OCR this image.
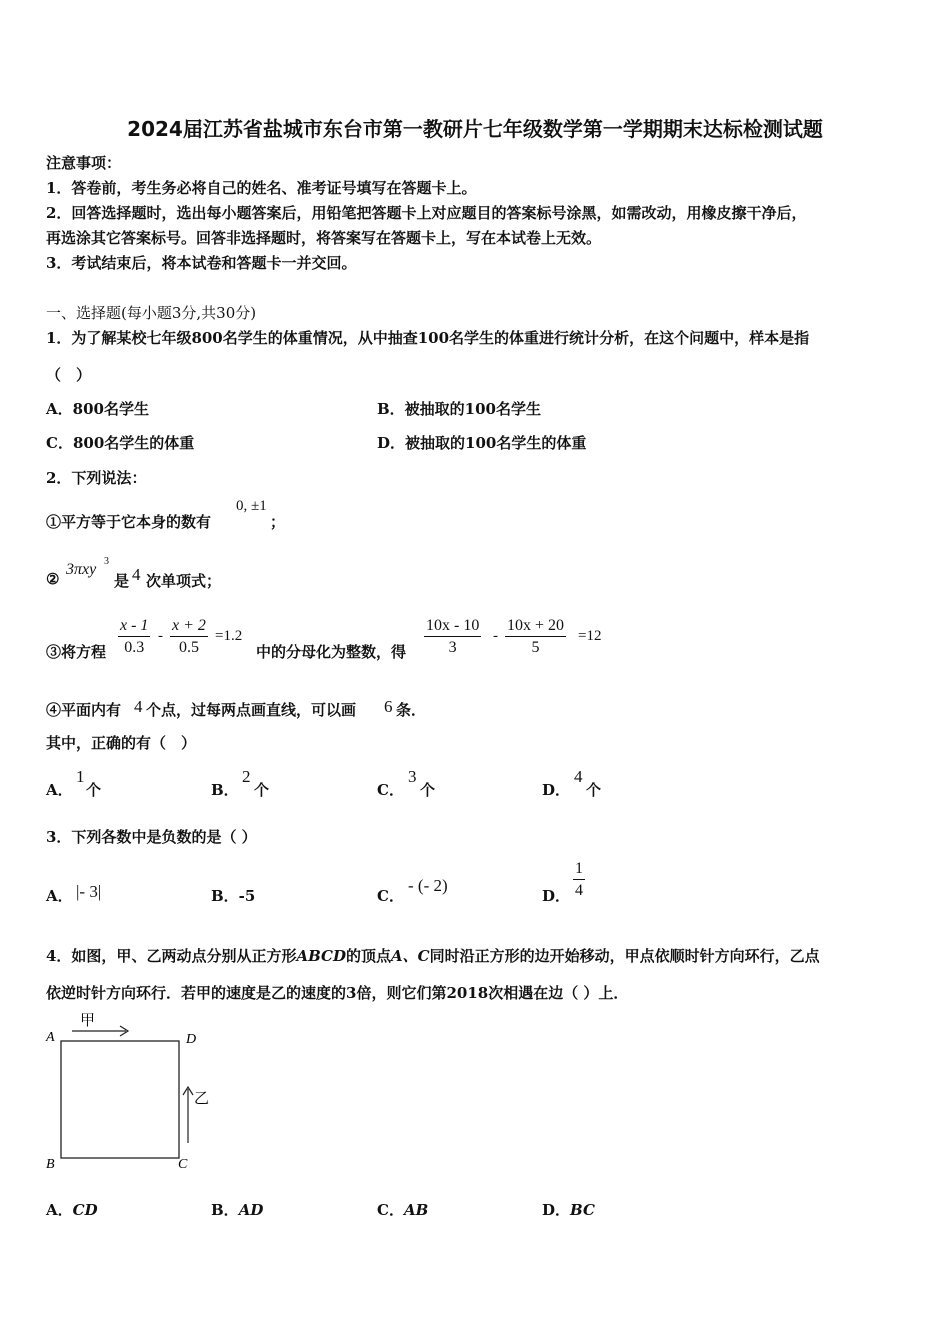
2024届江苏省盐城市东台市第一教研片七年级数学第一学期期末达标检测试题
注意事项：
1．答卷前，考生务必将自己的姓名、准考证号填写在答题卡上。
2．回答选择题时，选出每小题答案后，用铅笔把答题卡上对应题目的答案标号涂黑，如需改动，用橡皮擦干净后，
再选涂其它答案标号。回答非选择题时，将答案写在答题卡上，写在本试卷上无效。
3．考试结束后，将本试卷和答题卡一并交回。
一、选择题(每小题3分,共30分)
1．为了解某校七年级800名学生的体重情况，从中抽查100名学生的体重进行统计分析，在这个问题中，样本是指
（　）
A．800名学生	B．被抽取的100名学生
C．800名学生的体重	D．被抽取的100名学生的体重
2．下列说法：
①平方等于它本身的数有
0, ±1
；
②
3πxy 3
是 4 次单项式；
③将方程 $\frac{x - 1}{0.3} - \frac{x + 2}{0.5} =1.2$
中的分母化为整数，得 $\frac{10x - 10}{3} - \frac{10x + 20}{5} =12$
④平面内有 4 个点，过每两点画直线，可以画 6 条．
其中，正确的有（　）
A．
1
个	B．
2
个	C．
3
个	D．
4
个
3．下列各数中是负数的是（ ）
A． |- 3|	B．-5	C．
- (- 2)
D． $\frac{1}{4}$
4．如图，甲、乙两动点分别从正方形ABCD的顶点A、C同时沿正方形的边开始移动，甲点依顺时针方向环行，乙点
依逆时针方向环行．若甲的速度是乙的速度的3倍，则它们第2018次相遇在边（ ）上．
甲
乙
A	D
B	C
A．CD	B．AD	C．AB	D．BC
